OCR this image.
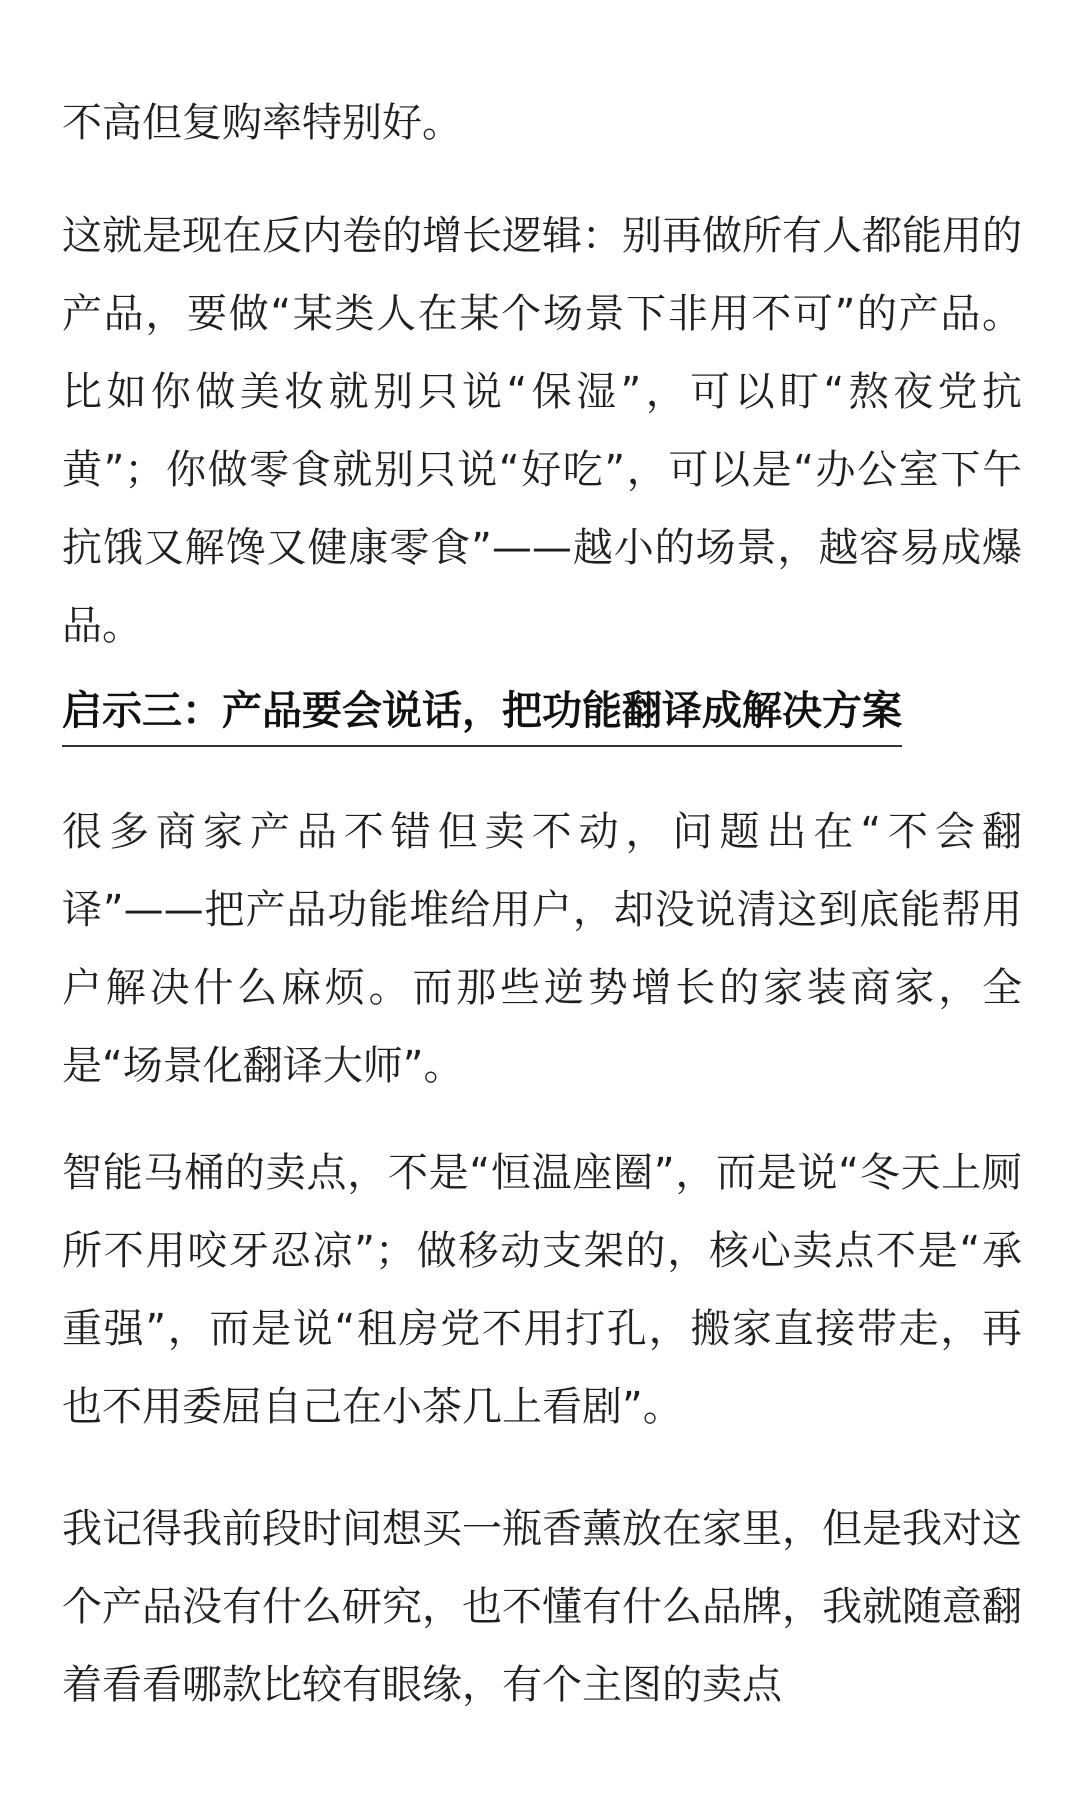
不高但复购率特别好。

这就是现在反内卷的增长逻辑：别再做所有人都能用的产品，要做“某类人在某个场景下非用不可”的产品。比如你做美妆就别只说“保湿”，可以盯“熬夜党抗黄”；你做零食就别只说“好吃”，可以是“办公室下午抗饿又解馋又健康零食”——越小的场景，越容易成爆品。

启示三：产品要会说话，把功能翻译成解决方案

很多商家产品不错但卖不动，问题出在“不会翻译”——把产品功能堆给用户，却没说清这到底能帮用户解决什么麻烦。而那些逆势增长的家装商家，全是“场景化翻译大师”。

智能马桶的卖点，不是“恒温座圈”，而是说“冬天上厕所不用咬牙忍凉”；做移动支架的，核心卖点不是“承重强”，而是说“租房党不用打孔，搬家直接带走，再也不用委屈自己在小茶几上看剧”。

我记得我前段时间想买一瓶香薰放在家里，但是我对这个产品没有什么研究，也不懂有什么品牌，我就随意翻着看看哪款比较有眼缘，有个主图的卖点
